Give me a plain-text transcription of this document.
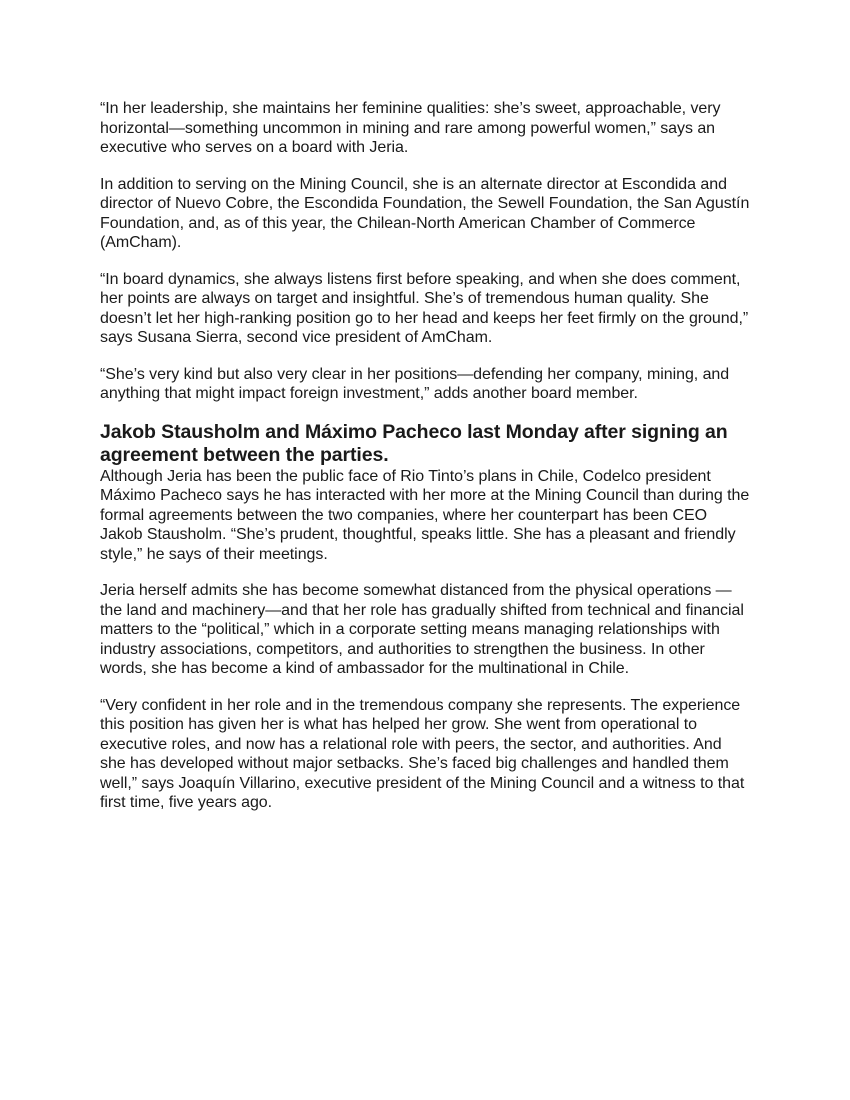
“In her leadership, she maintains her feminine qualities: she’s sweet, approachable, very horizontal—something uncommon in mining and rare among powerful women,” says an executive who serves on a board with Jeria.

In addition to serving on the Mining Council, she is an alternate director at Escondida and director of Nuevo Cobre, the Escondida Foundation, the Sewell Foundation, the San Agustín Foundation, and, as of this year, the Chilean-North American Chamber of Commerce (AmCham).

“In board dynamics, she always listens first before speaking, and when she does comment, her points are always on target and insightful. She’s of tremendous human quality. She doesn’t let her high-ranking position go to her head and keeps her feet firmly on the ground,” says Susana Sierra, second vice president of AmCham.

“She’s very kind but also very clear in her positions—defending her company, mining, and anything that might impact foreign investment,” adds another board member.

Jakob Stausholm and Máximo Pacheco last Monday after signing an agreement between the parties.

Although Jeria has been the public face of Rio Tinto’s plans in Chile, Codelco president Máximo Pacheco says he has interacted with her more at the Mining Council than during the formal agreements between the two companies, where her counterpart has been CEO Jakob Stausholm. “She’s prudent, thoughtful, speaks little. She has a pleasant and friendly style,” he says of their meetings.

Jeria herself admits she has become somewhat distanced from the physical operations —the land and machinery—and that her role has gradually shifted from technical and financial matters to the “political,” which in a corporate setting means managing relationships with industry associations, competitors, and authorities to strengthen the business. In other words, she has become a kind of ambassador for the multinational in Chile.

“Very confident in her role and in the tremendous company she represents. The experience this position has given her is what has helped her grow. She went from operational to executive roles, and now has a relational role with peers, the sector, and authorities. And she has developed without major setbacks. She’s faced big challenges and handled them well,” says Joaquín Villarino, executive president of the Mining Council and a witness to that first time, five years ago.
